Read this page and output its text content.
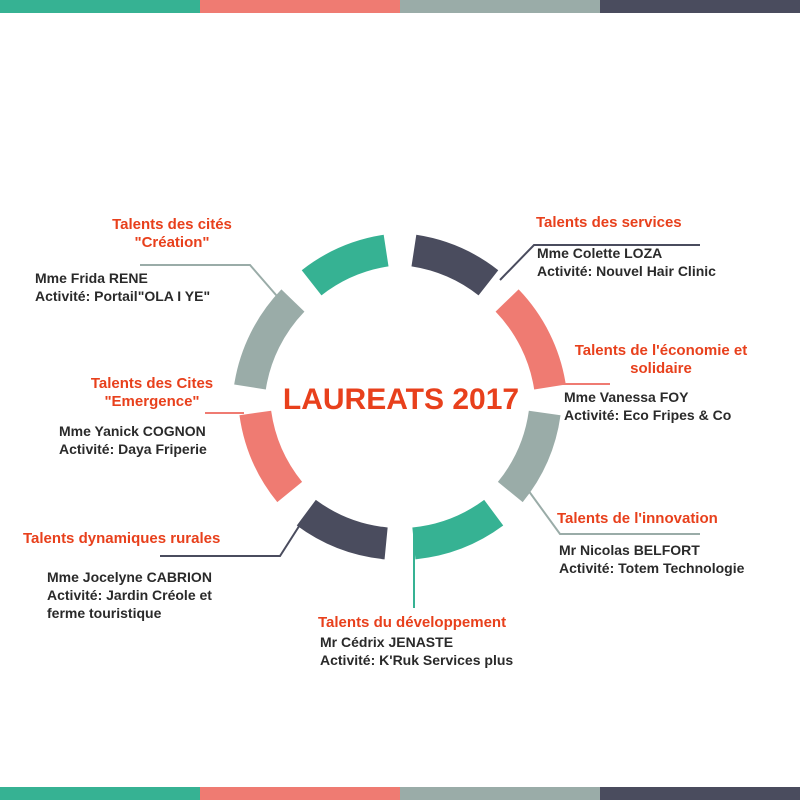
LAUREATS 2017
Talents des services
Mme Colette LOZA
Activité: Nouvel Hair Clinic
Talents de l'économie et
solidaire
Mme Vanessa FOY
Activité: Eco Fripes & Co
Talents de l'innovation
Mr Nicolas BELFORT
Activité: Totem Technologie
Talents du développement
Mr Cédrix JENASTE
Activité: K'Ruk Services plus
Talents dynamiques rurales
Mme Jocelyne CABRION
Activité: Jardin Créole et
ferme touristique
Talents des Cites
"Emergence"
Mme Yanick COGNON
Activité: Daya Friperie
Talents des cités
"Création"
Mme Frida RENE
Activité: Portail"OLA I YE"
